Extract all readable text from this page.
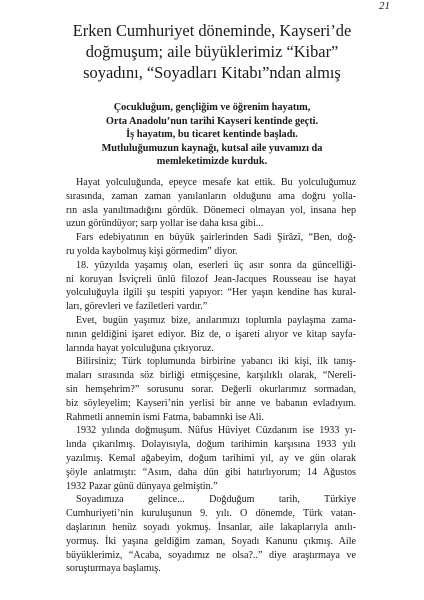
21
Erken Cumhuriyet döneminde, Kayseri’de
doğmuşum; aile büyüklerimiz “Kibar”
soyadını, “Soyadları Kitabı”ndan almış
Çocukluğum, gençliğim ve öğrenim hayatım,
Orta Anadolu’nun tarihi Kayseri kentinde geçti.
İş hayatım, bu ticaret kentinde başladı.
Mutluluğumuzun kaynağı, kutsal aile yuvamızı da
memleketimizde kurduk.

Hayat yolculuğunda, epeyce mesafe kat ettik. Bu yolculuğumuz
sırasında, zaman zaman yanılanların olduğunu ama doğru yolla-
rın asla yanıltmadığını gördük. Dönemeci olmayan yol, insana hep
uzun göründüyor; sarp yollar ise daha kısa gibi...

Fars edebiyatının en büyük şairlerinden Sadi Şirâzî, “Ben, doğ-
ru yolda kaybolmuş kişi görmedim” diyor.

18. yüzyılda yaşamış olan, eserleri üç asır sonra da güncelliği-
ni koruyan İsviçreli ünlü filozof Jean-Jacques Rousseau ise hayat
yolculuğuyla ilgili şu tespiti yapıyor: “Her yaşın kendine has kural-
ları, görevleri ve faziletleri vardır.”

Evet, bugün yaşımız bize, anılarımızı toplumla paylaşma zama-
nının geldiğini işaret ediyor. Biz de, o işareti alıyor ve kitap sayfa-
larında hayat yolculuğuna çıkıyoruz.

Bilirsiniz; Türk toplumunda birbirine yabancı iki kişi, ilk tanış-
maları sırasında söz birliği etmişçesine, karşılıklı olarak, “Nereli-
sin hemşehrim?” sorusunu sorar. Değerli okurlarımız sormadan,
biz söyleyelim; Kayseri’nin yerlisi bir anne ve babanın evladıyım.
Rahmetli annemin ismi Fatma, babamnki ise Ali.

1932 yılında doğmuşum. Nüfus Hüviyet Cüzdanım ise 1933 yı-
lında çıkarılmış. Dolayısıyla, doğum tarihimin karşısına 1933 yılı
yazılmış. Kemal ağabeyim, doğum tarihimi yıl, ay ve gün olarak
şöyle anlatmıştı: “Asım, daha dün gibi hatırlıyorum; 14 Ağustos
1932 Pazar günü dünyaya gelmiştin.”

Soyadımıza gelince... Doğduğum tarih, Türkiye
Cumhuriyeti’nin kuruluşunun 9. yılı. O dönemde, Türk vatan-
daşlarının henüz soyadı yokmuş. İnsanlar, aile lakaplarıyla anılı-
yormuş. İki yaşına geldiğim zaman, Soyadı Kanunu çıkmış. Aile
büyüklerimiz, “Acaba, soyadımız ne olsa?..” diye araştırmaya ve
soruşturmaya başlamış.
